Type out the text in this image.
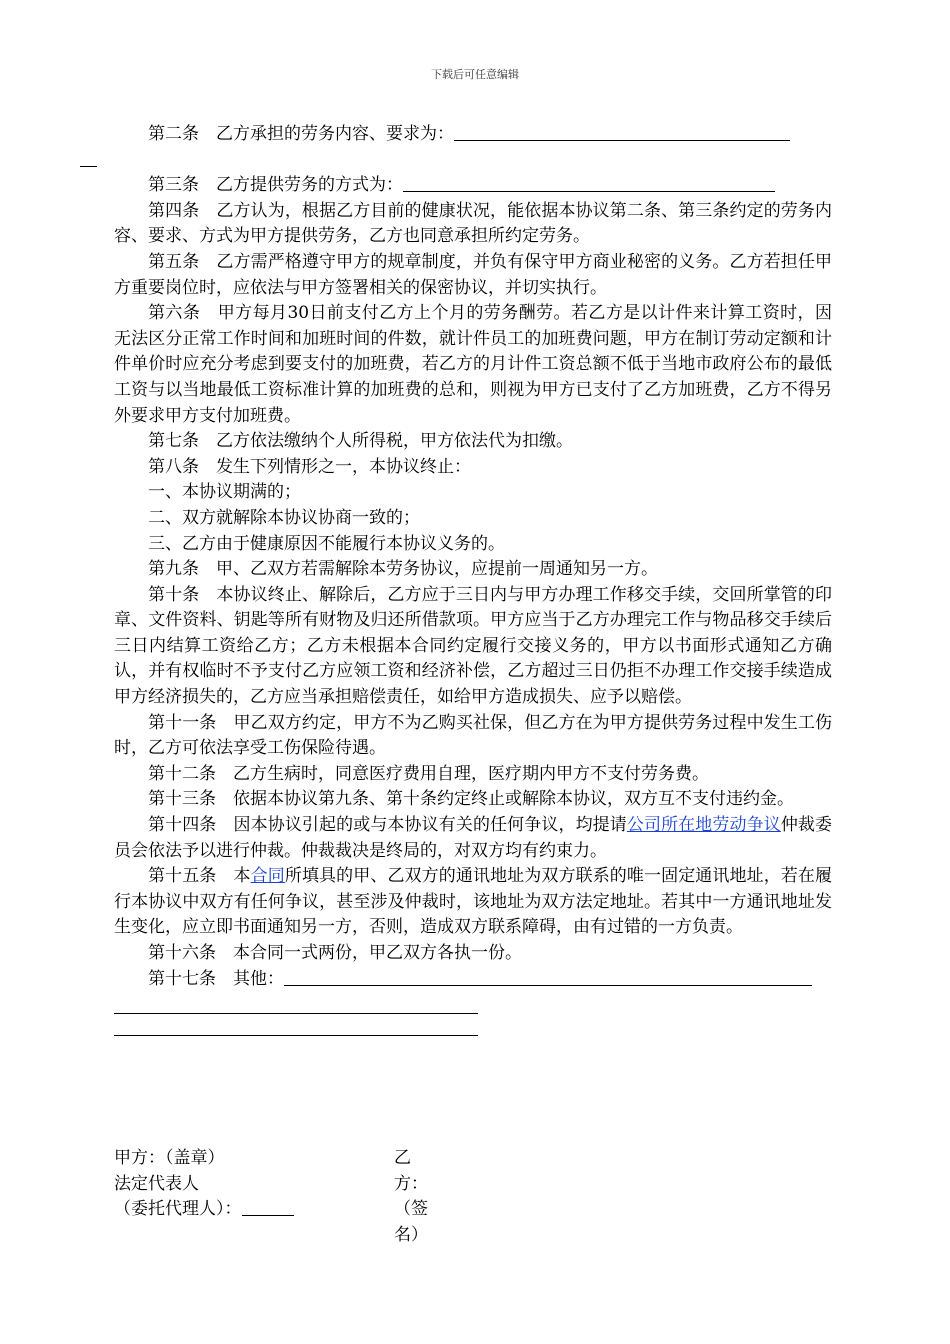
下载后可任意编辑

第二条　乙方承担的劳务内容、要求为：

第三条　乙方提供劳务的方式为：

第四条　乙方认为，根据乙方目前的健康状况，能依据本协议第二条、第三条约定的劳务内容、要求、方式为甲方提供劳务，乙方也同意承担所约定劳务。

第五条　乙方需严格遵守甲方的规章制度，并负有保守甲方商业秘密的义务。乙方若担任甲方重要岗位时，应依法与甲方签署相关的保密协议，并切实执行。

第六条　甲方每月30日前支付乙方上个月的劳务酬劳。若乙方是以计件来计算工资时，因无法区分正常工作时间和加班时间的件数，就计件员工的加班费问题，甲方在制订劳动定额和计件单价时应充分考虑到要支付的加班费，若乙方的月计件工资总额不低于当地市政府公布的最低工资与以当地最低工资标准计算的加班费的总和，则视为甲方已支付了乙方加班费，乙方不得另外要求甲方支付加班费。

第七条　乙方依法缴纳个人所得税，甲方依法代为扣缴。

第八条　发生下列情形之一，本协议终止：

一、本协议期满的；

二、双方就解除本协议协商一致的；

三、乙方由于健康原因不能履行本协议义务的。

第九条　甲、乙双方若需解除本劳务协议，应提前一周通知另一方。

第十条　本协议终止、解除后，乙方应于三日内与甲方办理工作移交手续，交回所掌管的印章、文件资料、钥匙等所有财物及归还所借款项。甲方应当于乙方办理完工作与物品移交手续后三日内结算工资给乙方；乙方未根据本合同约定履行交接义务的，甲方以书面形式通知乙方确认，并有权临时不予支付乙方应领工资和经济补偿，乙方超过三日仍拒不办理工作交接手续造成甲方经济损失的，乙方应当承担赔偿责任，如给甲方造成损失、应予以赔偿。

第十一条　甲乙双方约定，甲方不为乙购买社保，但乙方在为甲方提供劳务过程中发生工伤时，乙方可依法享受工伤保险待遇。

第十二条　乙方生病时，同意医疗费用自理，医疗期内甲方不支付劳务费。

第十三条　依据本协议第九条、第十条约定终止或解除本协议，双方互不支付违约金。

第十四条　因本协议引起的或与本协议有关的任何争议，均提请公司所在地劳动争议仲裁委员会依法予以进行仲裁。仲裁裁决是终局的，对双方均有约束力。

第十五条　本合同所填具的甲、乙双方的通讯地址为双方联系的唯一固定通讯地址，若在履行本协议中双方有任何争议，甚至涉及仲裁时，该地址为双方法定地址。若其中一方通讯地址发生变化，应立即书面通知另一方，否则，造成双方联系障碍，由有过错的一方负责。

第十六条　本合同一式两份，甲乙双方各执一份。

第十七条　其他：

甲方：（盖章）	乙方：（签名）
法定代表人
（委托代理人）：
